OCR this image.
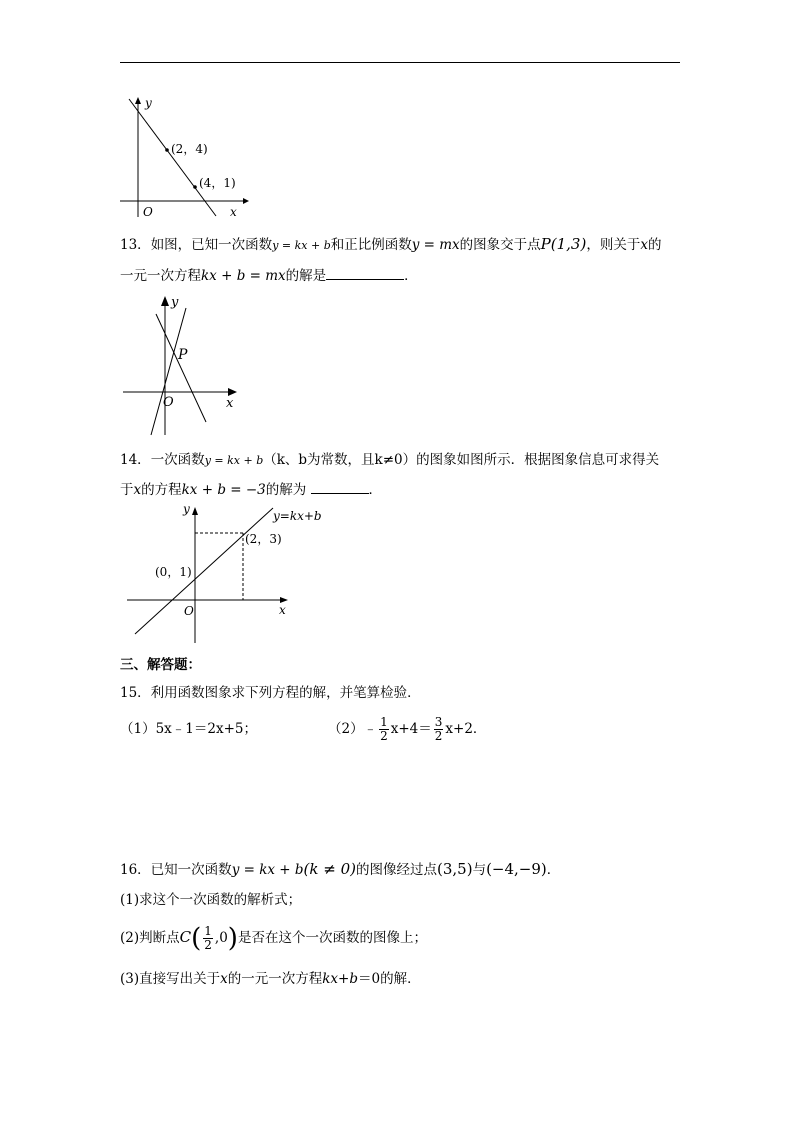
y
x
O
(2，4)
(4，1)
13．如图，已知一次函数y = kx + b和正比例函数y = mx的图象交于点P(1,3)，则关于x的
一元一次方程kx + b = mx的解是	．
y
x
O
P
14．一次函数y = kx + b（k、b为常数，且k≠0）的图象如图所示．根据图象信息可求得关
于x的方程kx + b = −3的解为	．
y
x
O
y=kx+b
(2，3)
(0，1)
三、解答题：
15．利用函数图象求下列方程的解，并笔算检验．
（1）5x﹣1＝2x+5；	（2）﹣ $\frac{1}{2} x+4= \frac{3}{2} x+2$．
16．已知一次函数y = kx + b(k ≠ 0)的图像经过点(3,5)与(−4,−9)．
(1)求这个一次函数的解析式；
(2)判断点$C( \frac{1}{2} ,0)$是否在这个一次函数的图像上；
(3)直接写出关于x的一元一次方程kx+b＝0的解．
